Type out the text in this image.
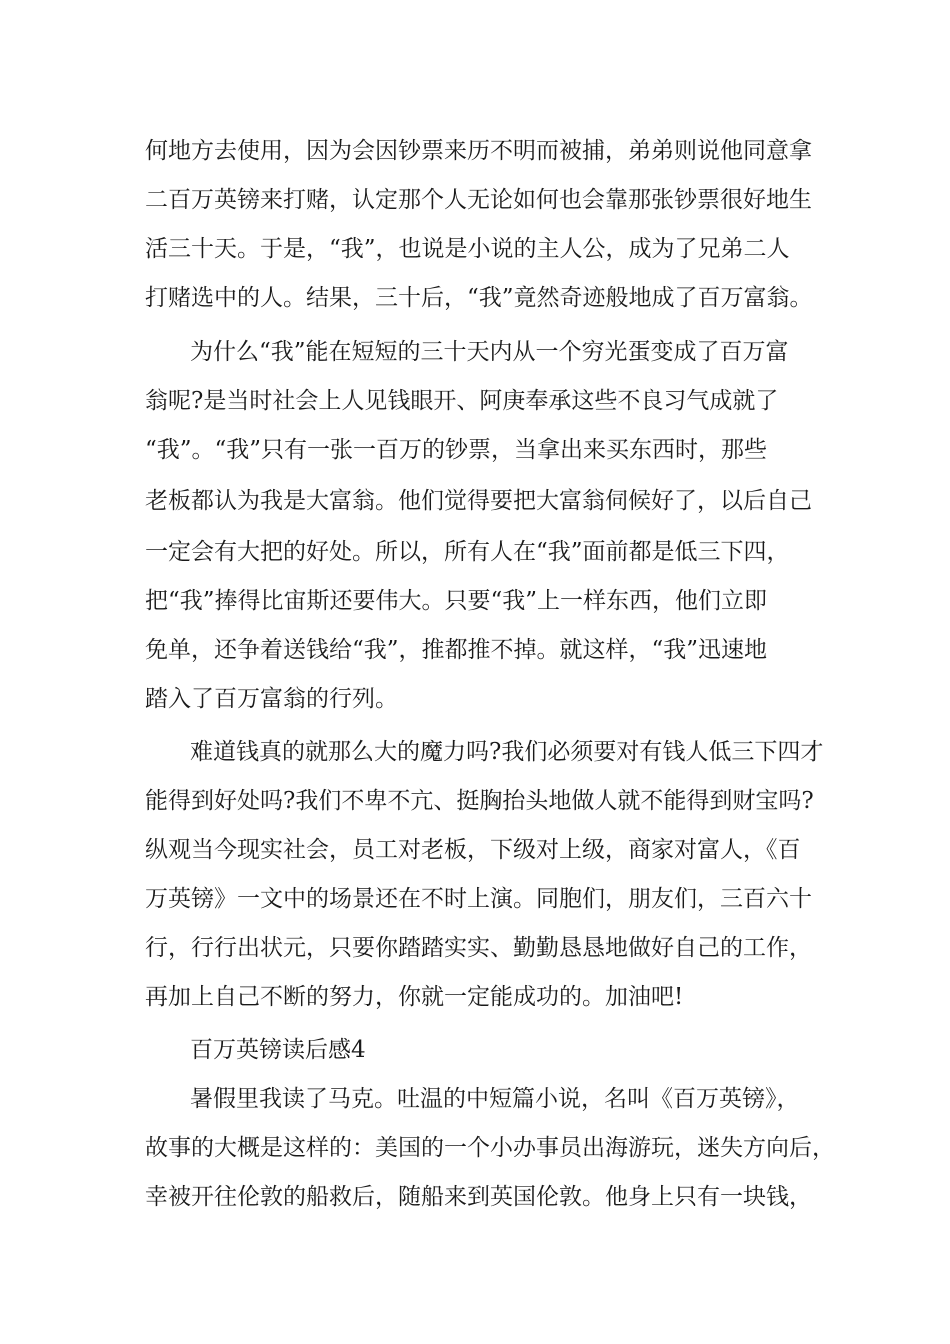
何地方去使用，因为会因钞票来历不明而被捕，弟弟则说他同意拿

二百万英镑来打赌，认定那个人无论如何也会靠那张钞票很好地生

活三十天。于是，“我”，也说是小说的主人公，成为了兄弟二人

打赌选中的人。结果，三十后，“我”竟然奇迹般地成了百万富翁。

为什么“我”能在短短的三十天内从一个穷光蛋变成了百万富

翁呢?是当时社会上人见钱眼开、阿庚奉承这些不良习气成就了

“我”。“我”只有一张一百万的钞票，当拿出来买东西时，那些

老板都认为我是大富翁。他们觉得要把大富翁伺候好了，以后自己

一定会有大把的好处。所以，所有人在“我”面前都是低三下四，

把“我”捧得比宙斯还要伟大。只要“我”上一样东西，他们立即

免单，还争着送钱给“我”，推都推不掉。就这样，“我”迅速地

踏入了百万富翁的行列。

难道钱真的就那么大的魔力吗?我们必须要对有钱人低三下四才

能得到好处吗?我们不卑不亢、挺胸抬头地做人就不能得到财宝吗?

纵观当今现实社会，员工对老板，下级对上级，商家对富人，《百

万英镑》一文中的场景还在不时上演。同胞们，朋友们，三百六十

行，行行出状元，只要你踏踏实实、勤勤恳恳地做好自己的工作，

再加上自己不断的努力，你就一定能成功的。加油吧!

百万英镑读后感4

暑假里我读了马克。吐温的中短篇小说，名叫《百万英镑》，

故事的大概是这样的：美国的一个小办事员出海游玩，迷失方向后，

幸被开往伦敦的船救后，随船来到英国伦敦。他身上只有一块钱，
